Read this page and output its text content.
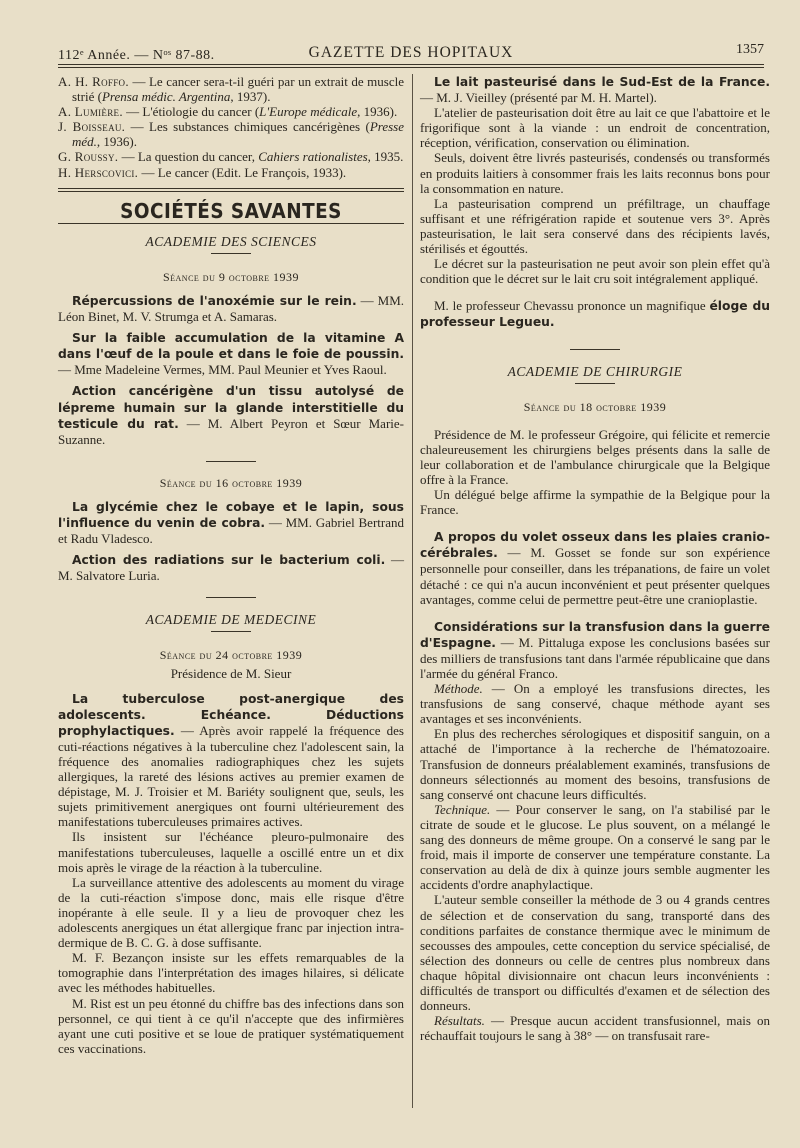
112ᵉ Année. — Nᵒˢ 87-88.	GAZETTE DES HOPITAUX	1357

A. H. Roffo. — Le cancer sera-t-il guéri par un extrait de muscle strié (Prensa médic. Argentina, 1937).

A. Lumière. — L'étiologie du cancer (L'Europe médicale, 1936).

J. Boisseau. — Les substances chimiques cancérigènes (Presse méd., 1936).

G. Roussy. — La question du cancer, Cahiers rationalistes, 1935.

H. Herscovici. — Le cancer (Edit. Le François, 1933).

SOCIÉTÉS SAVANTES
ACADEMIE DES SCIENCES
Séance du 9 octobre 1939

Répercussions de l'anoxémie sur le rein. — MM. Léon Binet, M. V. Strumga et A. Samaras.

Sur la faible accumulation de la vitamine A dans l'œuf de la poule et dans le foie de poussin. — Mme Madeleine Vermes, MM. Paul Meunier et Yves Raoul.

Action cancérigène d'un tissu autolysé de lépreme humain sur la glande interstitielle du testicule du rat. — M. Albert Peyron et Sœur Marie-Suzanne.

Séance du 16 octobre 1939

La glycémie chez le cobaye et le lapin, sous l'influence du venin de cobra. — MM. Gabriel Bertrand et Radu Vladesco.

Action des radiations sur le bacterium coli. — M. Salvatore Luria.

ACADEMIE DE MEDECINE
Séance du 24 octobre 1939
Présidence de M. Sieur

La tuberculose post-anergique des adolescents. Echéance. Déductions prophylactiques. — Après avoir rappelé la fréquence des cuti-réactions négatives à la tuberculine chez l'adolescent sain, la fréquence des anomalies radiographiques chez les sujets allergiques, la rareté des lésions actives au premier examen de dépistage, M. J. Troisier et M. Bariéty soulignent que, seuls, les sujets primitivement anergiques ont fourni ultérieurement des manifestations tuberculeuses primaires actives.

Ils insistent sur l'échéance pleuro-pulmonaire des manifestations tuberculeuses, laquelle a oscillé entre un et dix mois après le virage de la réaction à la tuberculine.

La surveillance attentive des adolescents au moment du virage de la cuti-réaction s'impose donc, mais elle risque d'être inopérante à elle seule. Il y a lieu de provoquer chez les adolescents anergiques un état allergique franc par injection intra-dermique de B. C. G. à dose suffisante.

M. F. Bezançon insiste sur les effets remarquables de la tomographie dans l'interprétation des images hilaires, si délicate avec les méthodes habituelles.

M. Rist est un peu étonné du chiffre bas des infections dans son personnel, ce qui tient à ce qu'il n'accepte que des infirmières ayant une cuti positive et se loue de pratiquer systématiquement ces vaccinations.

Le lait pasteurisé dans le Sud-Est de la France. — M. J. Vieilley (présenté par M. H. Martel).

L'atelier de pasteurisation doit être au lait ce que l'abattoire et le frigorifique sont à la viande : un endroit de concentration, réception, vérification, conservation ou élimination.

Seuls, doivent être livrés pasteurisés, condensés ou transformés en produits laitiers à consommer frais les laits reconnus bons pour la consommation en nature.

La pasteurisation comprend un préfiltrage, un chauffage suffisant et une réfrigération rapide et soutenue vers 3°. Après pasteurisation, le lait sera conservé dans des récipients lavés, stérilisés et égouttés.

Le décret sur la pasteurisation ne peut avoir son plein effet qu'à condition que le décret sur le lait cru soit intégralement appliqué.

M. le professeur Chevassu prononce un magnifique éloge du professeur Legueu.

ACADEMIE DE CHIRURGIE
Séance du 18 octobre 1939

Présidence de M. le professeur Grégoire, qui félicite et remercie chaleureusement les chirurgiens belges présents dans la salle de leur collaboration et de l'ambulance chirurgicale que la Belgique offre à la France.

Un délégué belge affirme la sympathie de la Belgique pour la France.

A propos du volet osseux dans les plaies cranio-cérébrales. — M. Gosset se fonde sur son expérience personnelle pour conseiller, dans les trépanations, de faire un volet détaché : ce qui n'a aucun inconvénient et peut présenter quelques avantages, comme celui de permettre peut-être une cranioplastie.

Considérations sur la transfusion dans la guerre d'Espagne. — M. Pittaluga expose les conclusions basées sur des milliers de transfusions tant dans l'armée républicaine que dans l'armée du général Franco.

Méthode. — On a employé les transfusions directes, les transfusions de sang conservé, chaque méthode ayant ses avantages et ses inconvénients.

En plus des recherches sérologiques et dispositif sanguin, on a attaché de l'importance à la recherche de l'hématozoaire. Transfusion de donneurs préalablement examinés, transfusions de donneurs sélectionnés au moment des besoins, transfusions de sang conservé ont chacune leurs difficultés.

Technique. — Pour conserver le sang, on l'a stabilisé par le citrate de soude et le glucose. Le plus souvent, on a mélangé le sang des donneurs de même groupe. On a conservé le sang par le froid, mais il importe de conserver une température constante. La conservation au delà de dix à quinze jours semble augmenter les accidents d'ordre anaphylactique.

L'auteur semble conseiller la méthode de 3 ou 4 grands centres de sélection et de conservation du sang, transporté dans des conditions parfaites de constance thermique avec le minimum de secousses des ampoules, cette conception du service spécialisé, de sélection des donneurs ou celle de centres plus nombreux dans chaque hôpital divisionnaire ont chacun leurs inconvénients : difficultés de transport ou difficultés d'examen et de sélection des donneurs.

Résultats. — Presque aucun accident transfusionnel, mais on réchauffait toujours le sang à 38° — on transfusait rare-
